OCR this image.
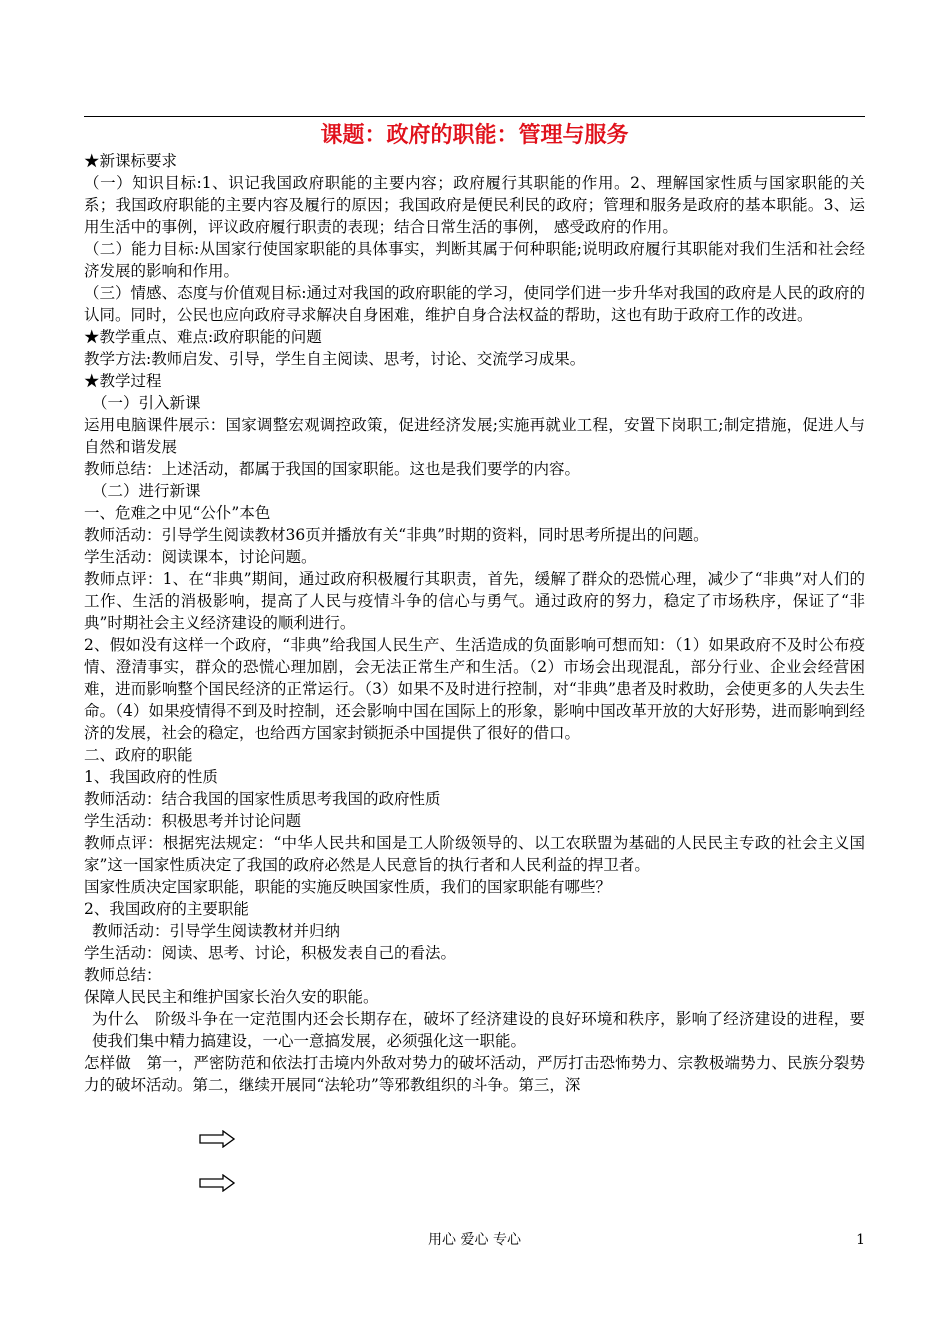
课题：政府的职能：管理与服务

★新课标要求

（一）知识目标:1、识记我国政府职能的主要内容；政府履行其职能的作用。2、理解国家性质与国家职能的关系；我国政府职能的主要内容及履行的原因；我国政府是便民利民的政府；管理和服务是政府的基本职能。3、运用生活中的事例，评议政府履行职责的表现；结合日常生活的事例， 感受政府的作用。

（二）能力目标:从国家行使国家职能的具体事实，判断其属于何种职能;说明政府履行其职能对我们生活和社会经济发展的影响和作用。

（三）情感、态度与价值观目标:通过对我国的政府职能的学习，使同学们进一步升华对我国的政府是人民的政府的认同。同时，公民也应向政府寻求解决自身困难，维护自身合法权益的帮助，这也有助于政府工作的改进。

★教学重点、难点:政府职能的问题

教学方法:教师启发、引导，学生自主阅读、思考，讨论、交流学习成果。

★教学过程

（一）引入新课

运用电脑课件展示：国家调整宏观调控政策，促进经济发展;实施再就业工程，安置下岗职工;制定措施，促进人与自然和谐发展

教师总结：上述活动，都属于我国的国家职能。这也是我们要学的内容。

（二）进行新课

一、危难之中见“公仆”本色

教师活动：引导学生阅读教材36页并播放有关“非典”时期的资料，同时思考所提出的问题。

学生活动：阅读课本，讨论问题。

教师点评：1、在“非典”期间，通过政府积极履行其职责，首先，缓解了群众的恐慌心理，减少了“非典”对人们的工作、生活的消极影响，提高了人民与疫情斗争的信心与勇气。通过政府的努力，稳定了市场秩序，保证了“非典”时期社会主义经济建设的顺利进行。

2、假如没有这样一个政府，“非典”给我国人民生产、生活造成的负面影响可想而知：（1）如果政府不及时公布疫情、澄清事实，群众的恐慌心理加剧，会无法正常生产和生活。（2）市场会出现混乱，部分行业、企业会经营困难，进而影响整个国民经济的正常运行。（3）如果不及时进行控制，对“非典”患者及时救助，会使更多的人失去生命。（4）如果疫情得不到及时控制，还会影响中国在国际上的形象，影响中国改革开放的大好形势，进而影响到经济的发展，社会的稳定，也给西方国家封锁扼杀中国提供了很好的借口。

二、政府的职能

1、我国政府的性质

教师活动：结合我国的国家性质思考我国的政府性质

学生活动：积极思考并讨论问题

教师点评：根据宪法规定：“中华人民共和国是工人阶级领导的、以工农联盟为基础的人民民主专政的社会主义国家”这一国家性质决定了我国的政府必然是人民意旨的执行者和人民利益的捍卫者。

国家性质决定国家职能，职能的实施反映国家性质，我们的国家职能有哪些？

2、我国政府的主要职能

教师活动：引导学生阅读教材并归纳

学生活动：阅读、思考、讨论，积极发表自己的看法。

教师总结：

保障人民民主和维护国家长治久安的职能。

为什么　阶级斗争在一定范围内还会长期存在，破坏了经济建设的良好环境和秩序，影响了经济建设的进程，要使我们集中精力搞建设，一心一意搞发展，必须强化这一职能。

怎样做　第一，严密防范和依法打击境内外敌对势力的破坏活动，严厉打击恐怖势力、宗教极端势力、民族分裂势力的破坏活动。第二，继续开展同“法轮功”等邪教组织的斗争。第三，深

用心 爱心 专心	1
